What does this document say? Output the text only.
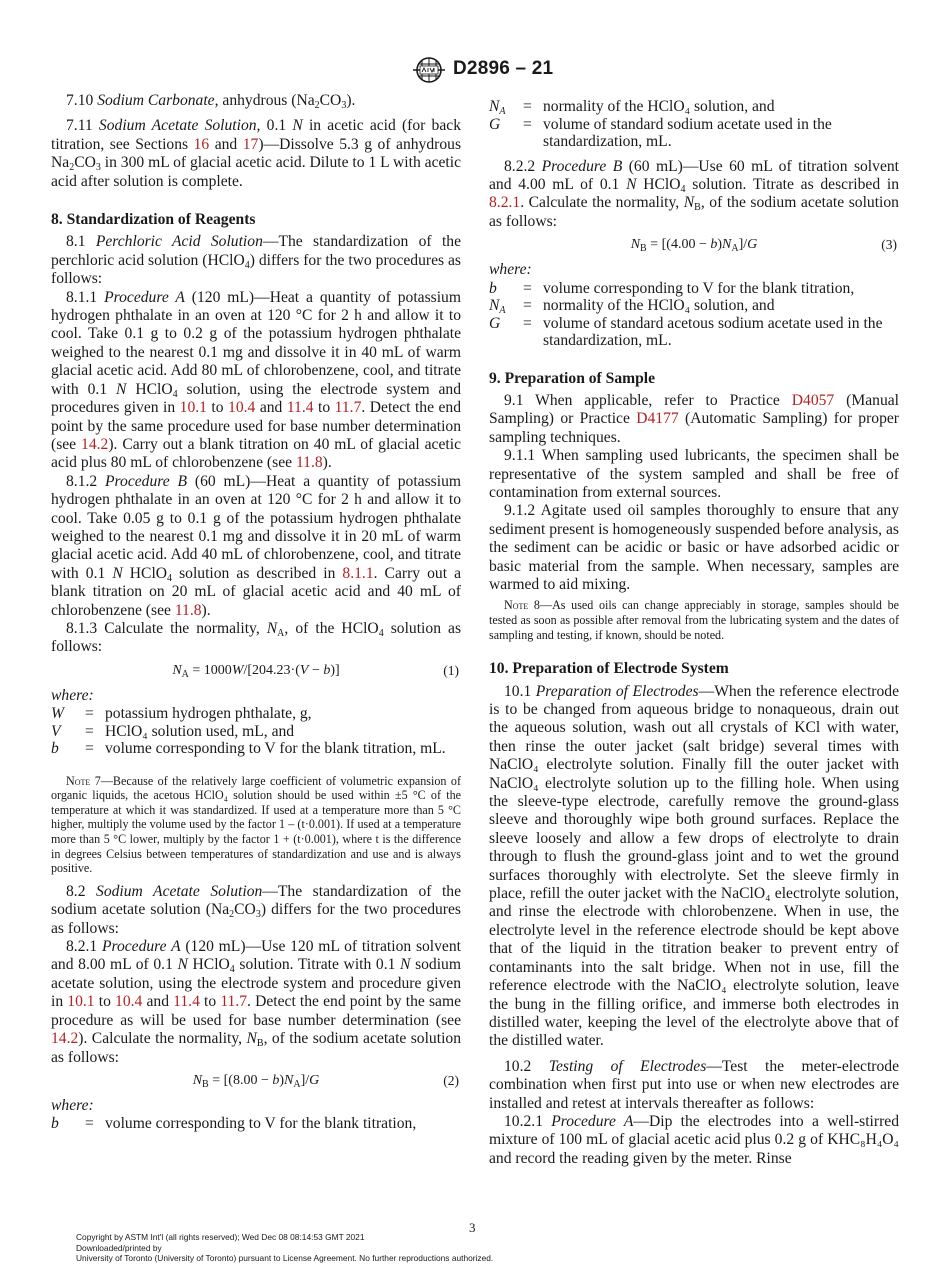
D2896 – 21

7.10 Sodium Carbonate, anhydrous $(Na_2CO_3)$.

7.11 Sodium Acetate Solution, 0.1 N in acetic acid (for back titration, see Sections 16 and 17)—Dissolve 5.3 g of anhydrous $Na_2CO_3$ in 300 mL of glacial acetic acid. Dilute to 1 L with acetic acid after solution is complete.

8. Standardization of Reagents

8.1 Perchloric Acid Solution—The standardization of the perchloric acid solution (HClO$_4$) differs for the two procedures as follows:

8.1.1 Procedure A (120 mL)—Heat a quantity of potassium hydrogen phthalate in an oven at 120 °C for 2 h and allow it to cool. Take 0.1 g to 0.2 g of the potassium hydrogen phthalate weighed to the nearest 0.1 mg and dissolve it in 40 mL of warm glacial acetic acid. Add 80 mL of chlorobenzene, cool, and titrate with 0.1 N HClO$_4$ solution, using the electrode system and procedures given in 10.1 to 10.4 and 11.4 to 11.7. Detect the end point by the same procedure used for base number determination (see 14.2). Carry out a blank titration on 40 mL of glacial acetic acid plus 80 mL of chlorobenzene (see 11.8).

8.1.2 Procedure B (60 mL)—Heat a quantity of potassium hydrogen phthalate in an oven at 120 °C for 2 h and allow it to cool. Take 0.05 g to 0.1 g of the potassium hydrogen phthalate weighed to the nearest 0.1 mg and dissolve it in 20 mL of warm glacial acetic acid. Add 40 mL of chlorobenzene, cool, and titrate with 0.1 N HClO$_4$ solution as described in 8.1.1. Carry out a blank titration on 20 mL of glacial acetic acid and 40 mL of chlorobenzene (see 11.8).

8.1.3 Calculate the normality, $N_A$, of the HClO$_4$ solution as follows:

$N_A = 1000W/[204.23\cdot(V - b)]$	(1)

where:

W	= potassium hydrogen phthalate, g,
V	= HClO₄ solution used, mL, and
b	= volume corresponding to V for the blank titration, mL.

Note 7—Because of the relatively large coefficient of volumetric expansion of organic liquids, the acetous HClO₄ solution should be used within ±5 °C of the temperature at which it was standardized. If used at a temperature more than 5 °C higher, multiply the volume used by the factor 1 – (t·0.001). If used at a temperature more than 5 °C lower, multiply by the factor 1 + (t·0.001), where t is the difference in degrees Celsius between temperatures of standardization and use and is always positive.

8.2 Sodium Acetate Solution—The standardization of the sodium acetate solution $(Na_2CO_3)$ differs for the two procedures as follows:

8.2.1 Procedure A (120 mL)—Use 120 mL of titration solvent and 8.00 mL of 0.1 N HClO$_4$ solution. Titrate with 0.1 N sodium acetate solution, using the electrode system and procedure given in 10.1 to 10.4 and 11.4 to 11.7. Detect the end point by the same procedure as will be used for base number determination (see 14.2). Calculate the normality, $N_B$, of the sodium acetate solution as follows:

$N_B = [(8.00 - b)N_A]/G$	(2)

where:

b	= volume corresponding to V for the blank titration,
$N_A$	= normality of the HClO₄ solution, and
G	= volume of standard sodium acetate used in the standardization, mL.

8.2.2 Procedure B (60 mL)—Use 60 mL of titration solvent and 4.00 mL of 0.1 N HClO$_4$ solution. Titrate as described in 8.2.1. Calculate the normality, $N_B$, of the sodium acetate solution as follows:

$N_B = [(4.00 - b)N_A]/G$	(3)

where:

b	= volume corresponding to V for the blank titration,
$N_A$	= normality of the HClO₄ solution, and
G	= volume of standard acetous sodium acetate used in the standardization, mL.

9. Preparation of Sample

9.1 When applicable, refer to Practice D4057 (Manual Sampling) or Practice D4177 (Automatic Sampling) for proper sampling techniques.

9.1.1 When sampling used lubricants, the specimen shall be representative of the system sampled and shall be free of contamination from external sources.

9.1.2 Agitate used oil samples thoroughly to ensure that any sediment present is homogeneously suspended before analysis, as the sediment can be acidic or basic or have adsorbed acidic or basic material from the sample. When necessary, samples are warmed to aid mixing.

Note 8—As used oils can change appreciably in storage, samples should be tested as soon as possible after removal from the lubricating system and the dates of sampling and testing, if known, should be noted.

10. Preparation of Electrode System

10.1 Preparation of Electrodes—When the reference electrode is to be changed from aqueous bridge to nonaqueous, drain out the aqueous solution, wash out all crystals of KCl with water, then rinse the outer jacket (salt bridge) several times with NaClO₄ electrolyte solution. Finally fill the outer jacket with NaClO₄ electrolyte solution up to the filling hole. When using the sleeve-type electrode, carefully remove the ground-glass sleeve and thoroughly wipe both ground surfaces. Replace the sleeve loosely and allow a few drops of electrolyte to drain through to flush the ground-glass joint and to wet the ground surfaces thoroughly with electrolyte. Set the sleeve firmly in place, refill the outer jacket with the NaClO₄ electrolyte solution, and rinse the electrode with chlorobenzene. When in use, the electrolyte level in the reference electrode should be kept above that of the liquid in the titration beaker to prevent entry of contaminants into the salt bridge. When not in use, fill the reference electrode with the NaClO₄ electrolyte solution, leave the bung in the filling orifice, and immerse both electrodes in distilled water, keeping the level of the electrolyte above that of the distilled water.

10.2 Testing of Electrodes—Test the meter-electrode combination when first put into use or when new electrodes are installed and retest at intervals thereafter as follows:

10.2.1 Procedure A—Dip the electrodes into a well-stirred mixture of 100 mL of glacial acetic acid plus 0.2 g of KHC₈H₄O₄ and record the reading given by the meter. Rinse

3
Copyright by ASTM Int'l (all rights reserved); Wed Dec 08 08:14:53 GMT 2021
Downloaded/printed by
University of Toronto (University of Toronto) pursuant to License Agreement. No further reproductions authorized.
